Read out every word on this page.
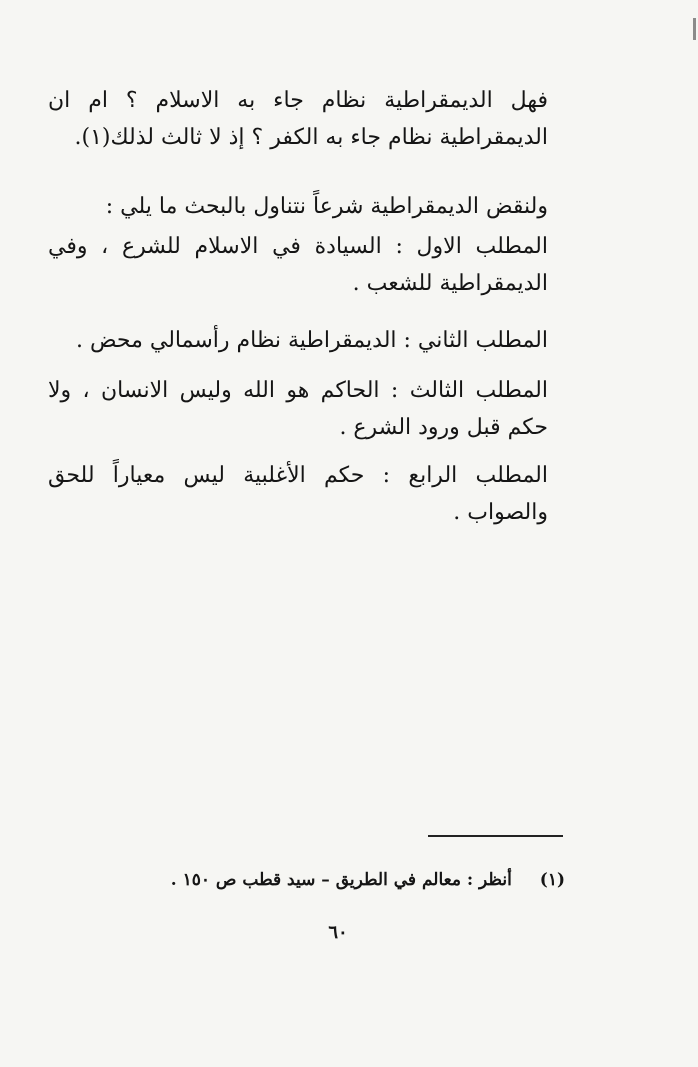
فهل الديمقراطية نظام جاء به الاسلام ؟ ام ان الديمقراطية نظام جاء به الكفر ؟ إذ لا ثالث لذلك(١).

ولنقض الديمقراطية شرعاً نتناول بالبحث ما يلي :

المطلب الاول : السيادة في الاسلام للشرع ، وفي الديمقراطية للشعب .

المطلب الثاني : الديمقراطية نظام رأسمالي محض .

المطلب الثالث : الحاكم هو الله وليس الانسان ، ولا حكم قبل ورود الشرع .

المطلب الرابع : حكم الأغلبية ليس معياراً للحق والصواب .

(١) أنظر : معالم في الطريق – سيد قطب ص ١٥٠ .
٦٠
